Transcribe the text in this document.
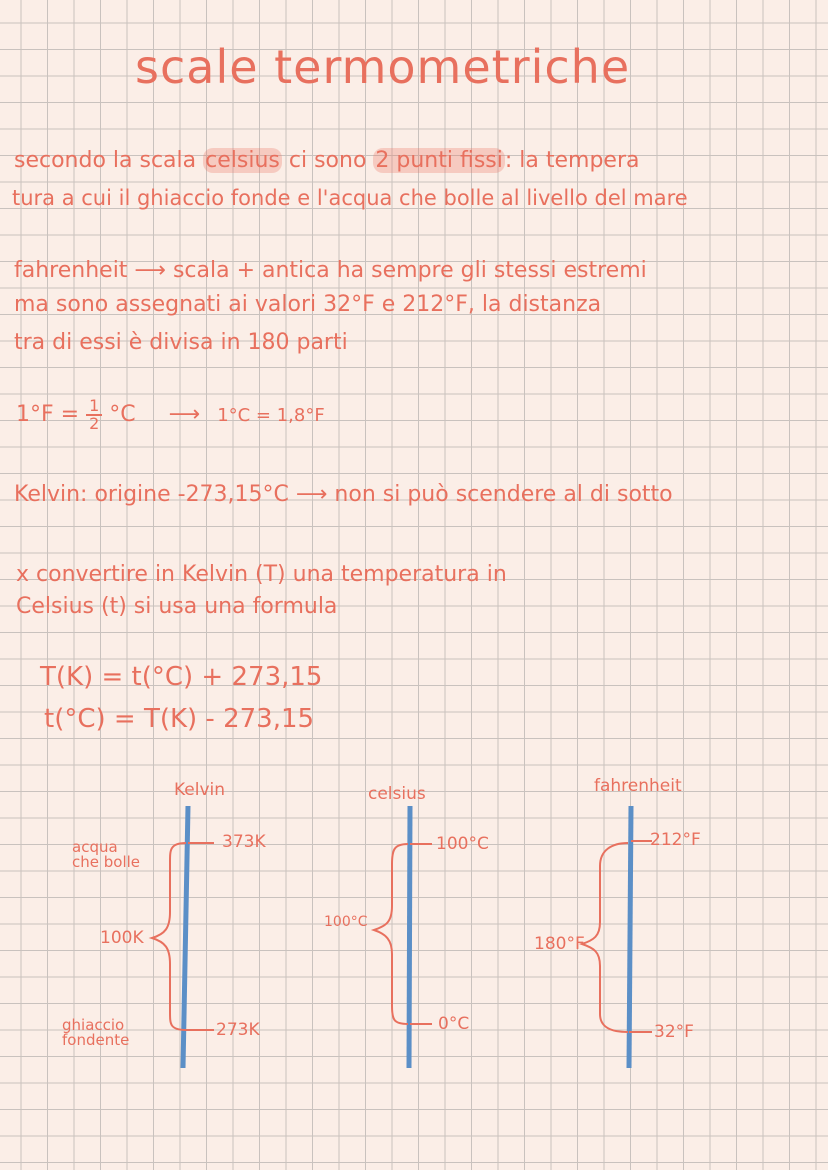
scale termometriche
secondo la scala celsius ci sono 2 punti fissi: la tempera
tura a cui il ghiaccio fonde e l'acqua che bolle al livello del mare
fahrenheit ⟶ scala + antica ha sempre gli stessi estremi
ma sono assegnati ai valori 32°F e 212°F, la distanza
tra di essi è divisa in 180 parti
$1^\circ F = \frac{1}{2} ^\circ C$ ⟶ 1°C = 1,8°F
Kelvin: origine -273,15°C ⟶ non si può scendere al di sotto
x convertire in Kelvin (T) una temperatura in
Celsius (t) si usa una formula
T(K) = t(°C) + 273,15
t(°C) = T(K) - 273,15
Kelvin	celsius	fahrenheit
373K
273K
100K
acqua
che bolle
ghiaccio
fondente
100°C
0°C
100°C
212°F
32°F
180°F
